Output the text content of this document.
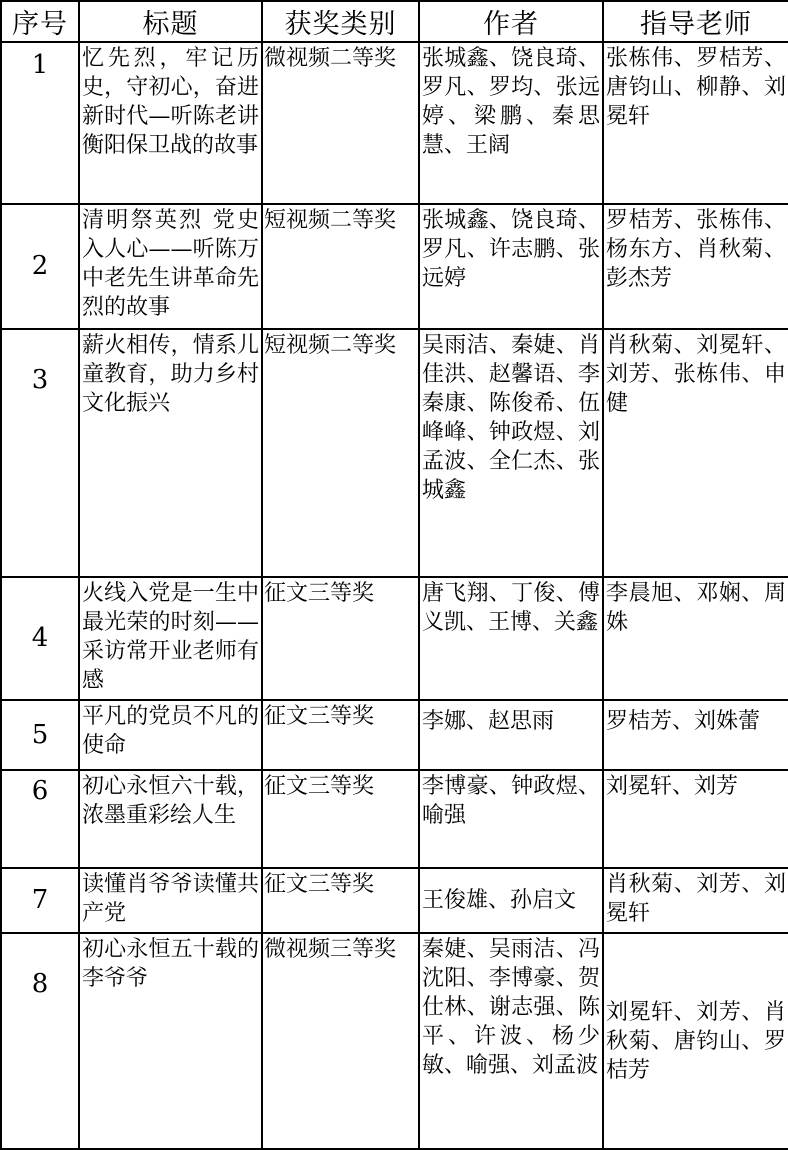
序号	标题	获奖类别	作者	指导老师
1	忆先烈，牢记历史，守初心，奋进新时代—听陈老讲衡阳保卫战的故事	微视频二等奖	张城鑫、饶良琦、罗凡、罗均、张远婷、梁鹏、秦思慧、王阔	张栋伟、罗桔芳、唐钧山、柳静、刘冕轩
2	清明祭英烈 党史入人心——听陈万中老先生讲革命先烈的故事	短视频二等奖	张城鑫、饶良琦、罗凡、许志鹏、张远婷	罗桔芳、张栋伟、杨东方、肖秋菊、彭杰芳
3	薪火相传，情系儿童教育，助力乡村文化振兴	短视频二等奖	吴雨洁、秦婕、肖佳洪、赵馨语、李秦康、陈俊希、伍峰峰、钟政煜、刘孟波、全仁杰、张城鑫	肖秋菊、刘冕轩、刘芳、张栋伟、申健
4	火线入党是一生中最光荣的时刻——采访常开业老师有感	征文三等奖	唐飞翔、丁俊、傅义凯、王博、关鑫	李晨旭、邓娴、周姝
5	平凡的党员不凡的使命	征文三等奖	李娜、赵思雨	罗桔芳、刘姝蕾
6	初心永恒六十载，浓墨重彩绘人生	征文三等奖	李博豪、钟政煜、喻强	刘冕轩、刘芳
7	读懂肖爷爷读懂共产党	征文三等奖	王俊雄、孙启文	肖秋菊、刘芳、刘冕轩
8	初心永恒五十载的李爷爷	微视频三等奖	秦婕、吴雨洁、冯沈阳、李博豪、贺仕林、谢志强、陈平、许波、杨少敏、喻强、刘孟波	刘冕轩、刘芳、肖秋菊、唐钧山、罗桔芳
